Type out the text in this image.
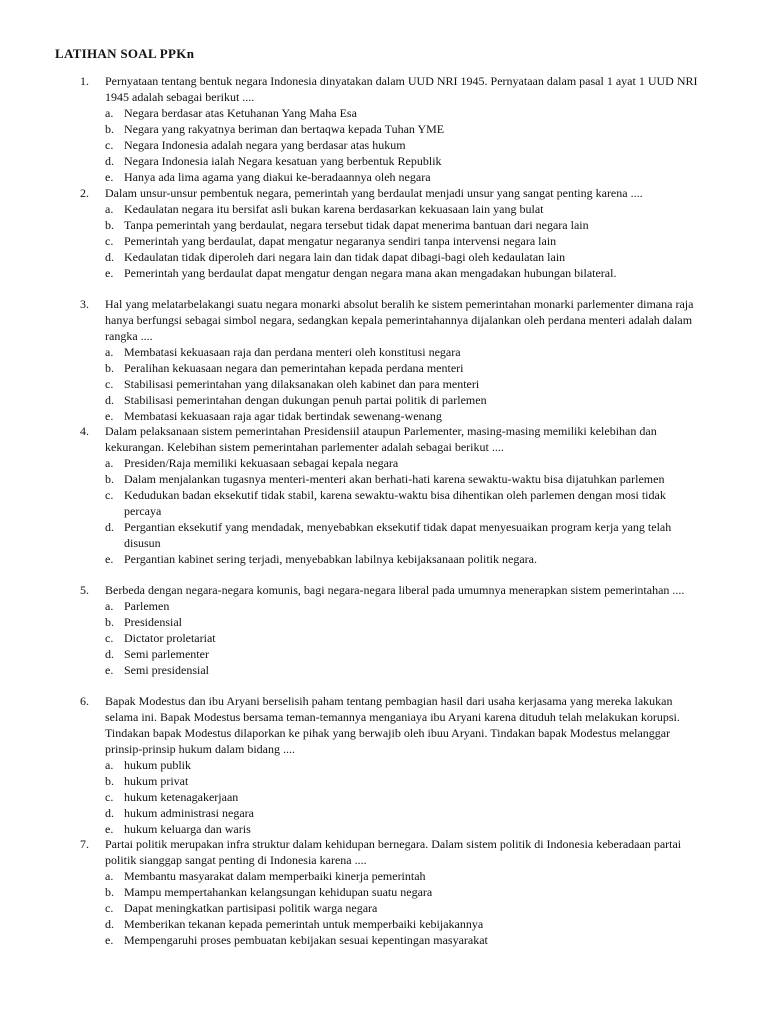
LATIHAN SOAL PPKn
1.	Pernyataan tentang bentuk negara Indonesia dinyatakan dalam UUD NRI 1945. Pernyataan dalam pasal 1 ayat 1 UUD NRI 1945 adalah sebagai berikut ....
a. Negara berdasar atas Ketuhanan Yang Maha Esa
b. Negara yang rakyatnya beriman dan bertaqwa kepada Tuhan YME
c. Negara Indonesia adalah negara yang berdasar atas hukum
d. Negara Indonesia ialah Negara kesatuan yang berbentuk Republik
e. Hanya ada lima agama yang diakui ke-beradaannya oleh negara
2.	Dalam unsur-unsur pembentuk negara, pemerintah yang berdaulat menjadi unsur yang sangat penting karena ....
a. Kedaulatan negara itu bersifat asli bukan karena berdasarkan kekuasaan lain yang bulat
b. Tanpa pemerintah yang berdaulat, negara tersebut tidak dapat menerima bantuan dari negara lain
c. Pemerintah yang berdaulat, dapat mengatur negaranya sendiri tanpa intervensi negara lain
d. Kedaulatan tidak diperoleh dari negara lain dan tidak dapat dibagi-bagi oleh kedaulatan lain
e. Pemerintah yang berdaulat dapat mengatur dengan negara mana akan mengadakan hubungan bilateral.
3.	Hal yang melatarbelakangi suatu negara monarki absolut beralih ke sistem pemerintahan monarki parlementer dimana raja hanya berfungsi sebagai simbol negara, sedangkan kepala pemerintahannya dijalankan oleh perdana menteri adalah dalam rangka ....
a. Membatasi kekuasaan raja dan perdana menteri oleh konstitusi negara
b. Peralihan kekuasaan negara dan pemerintahan kepada perdana menteri
c. Stabilisasi pemerintahan yang dilaksanakan oleh kabinet dan para menteri
d. Stabilisasi pemerintahan dengan dukungan penuh partai politik di parlemen
e. Membatasi kekuasaan raja agar tidak bertindak sewenang-wenang
4.	Dalam pelaksanaan sistem pemerintahan Presidensiil ataupun Parlementer, masing-masing memiliki kelebihan dan kekurangan. Kelebihan sistem pemerintahan parlementer adalah sebagai berikut ....
a. Presiden/Raja memiliki kekuasaan sebagai kepala negara
b. Dalam menjalankan tugasnya menteri-menteri akan berhati-hati karena sewaktu-waktu bisa dijatuhkan parlemen
c. Kedudukan badan eksekutif tidak stabil, karena sewaktu-waktu bisa dihentikan oleh parlemen dengan mosi tidak percaya
d. Pergantian eksekutif yang mendadak, menyebabkan eksekutif tidak dapat menyesuaikan program kerja yang telah disusun
e. Pergantian kabinet sering terjadi, menyebabkan labilnya kebijaksanaan politik negara.
5.	Berbeda dengan negara-negara komunis, bagi negara-negara liberal pada umumnya menerapkan sistem pemerintahan ....
a. Parlemen
b. Presidensial
c. Dictator proletariat
d. Semi parlementer
e. Semi presidensial
6.	Bapak Modestus dan ibu Aryani berselisih paham tentang pembagian hasil dari usaha kerjasama yang mereka lakukan selama ini. Bapak Modestus bersama teman-temannya menganiaya ibu Aryani karena dituduh telah melakukan korupsi. Tindakan bapak Modestus dilaporkan ke pihak yang berwajib oleh ibuu Aryani. Tindakan bapak Modestus melanggar prinsip-prinsip hukum dalam bidang ....
a. hukum publik
b. hukum privat
c. hukum ketenagakerjaan
d. hukum administrasi negara
e. hukum keluarga dan waris
7.	Partai politik merupakan infra struktur dalam kehidupan bernegara. Dalam sistem politik di Indonesia keberadaan partai politik sianggap sangat penting di Indonesia karena ....
a. Membantu masyarakat dalam memperbaiki kinerja pemerintah
b. Mampu mempertahankan kelangsungan kehidupan suatu negara
c. Dapat meningkatkan partisipasi politik warga negara
d. Memberikan tekanan kepada pemerintah untuk memperbaiki kebijakannya
e. Mempengaruhi proses pembuatan kebijakan sesuai kepentingan masyarakat
